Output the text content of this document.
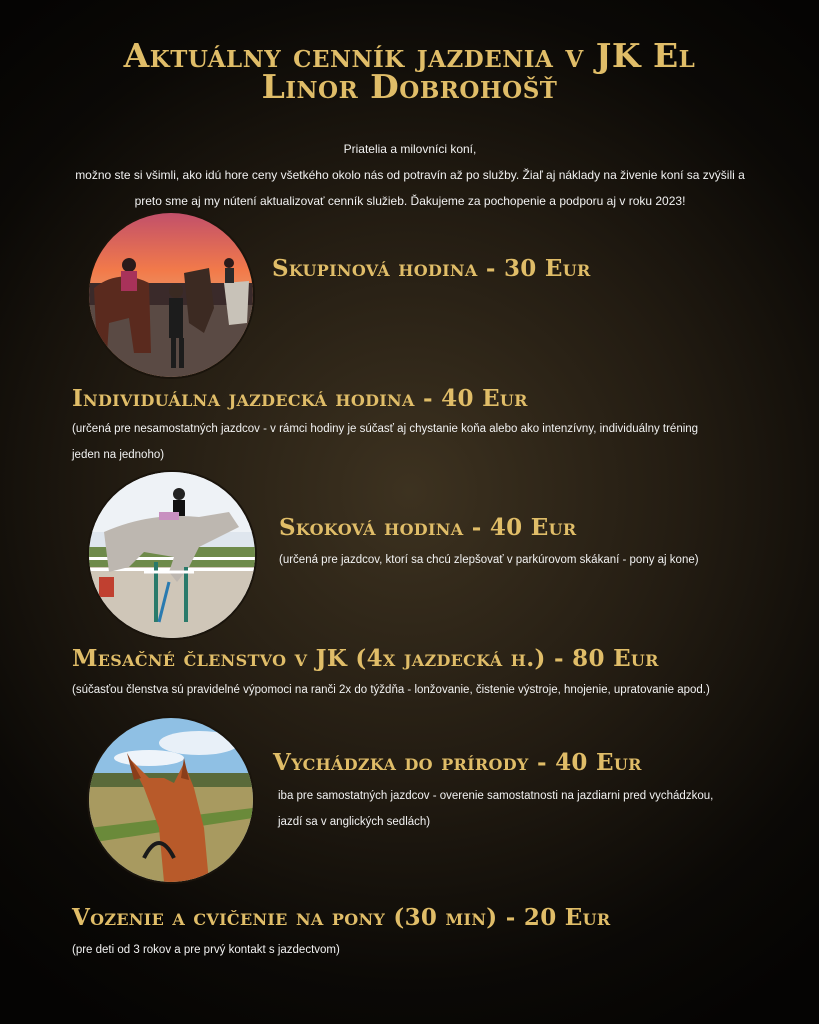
Aktuálny cenník jazdenia v JK El
Linor Dobrohošť
Priatelia a milovníci koní,
možno ste si všimli, ako idú hore ceny všetkého okolo nás od potravín až po služby. Žiaľ aj náklady na živenie koní sa zvýšili a
preto sme aj my nútení aktualizovať cenník služieb. Ďakujeme za pochopenie a podporu aj v roku 2023!
Skupinová hodina - 30 Eur
Individuálna jazdecká hodina - 40 Eur
(určená pre nesamostatných jazdcov - v rámci hodiny je súčasť aj chystanie koňa alebo ako intenzívny, individuálny tréning
jeden na jednoho)
Skoková hodina - 40 Eur
(určená pre jazdcov, ktorí sa chcú zlepšovať v parkúrovom skákaní - pony aj kone)
Mesačné členstvo v JK (4x jazdecká h.) - 80 Eur
(súčasťou členstva sú pravidelné výpomoci na ranči 2x do týždňa - lonžovanie, čistenie výstroje, hnojenie, upratovanie apod.)
Vychádzka do prírody - 40 Eur
iba pre samostatných jazdcov - overenie samostatnosti na jazdiarni pred vychádzkou,
jazdí sa v anglických sedlách)
Vozenie a cvičenie na pony (30 min) - 20 Eur
(pre deti od 3 rokov a pre prvý kontakt s jazdectvom)
